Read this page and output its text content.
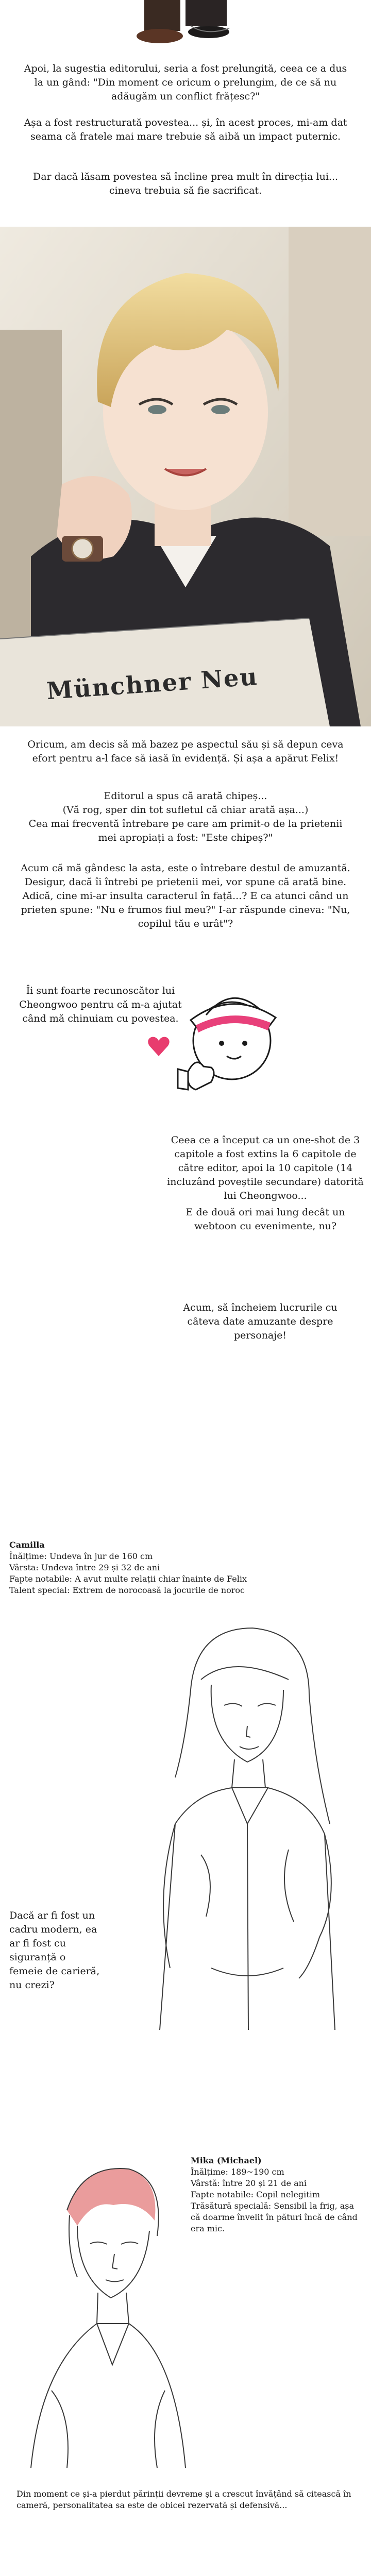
Apoi, la sugestia editorului, seria a fost prelungită, ceea ce a dus la un gând: "Din moment ce oricum o prelungim, de ce să nu adăugăm un conflict frățesc?"

Așa a fost restructurată povestea... și, în acest proces, mi-am dat seama că fratele mai mare trebuie să aibă un impact puternic.

Dar dacă lăsam povestea să încline prea mult în direcția lui... cineva trebuia să fie sacrificat.

Münchner Neu

Oricum, am decis să mă bazez pe aspectul său și să depun ceva efort pentru a-l face să iasă în evidență. Și așa a apărut Felix!

Editorul a spus că arată chipeș...

(Vă rog, sper din tot sufletul că chiar arată așa...)

Cea mai frecventă întrebare pe care am primit-o de la prietenii mei apropiați a fost: "Este chipeș?"

Acum că mă gândesc la asta, este o întrebare destul de amuzantă. Desigur, dacă îi întrebi pe prietenii mei, vor spune că arată bine. Adică, cine mi-ar insulta caracterul în față...? E ca atunci când un prieten spune: "Nu e frumos fiul meu?" I-ar răspunde cineva: "Nu, copilul tău e urât"?

Îi sunt foarte recunoscător lui Cheongwoo pentru că m-a ajutat când mă chinuiam cu povestea.

Ceea ce a început ca un one-shot de 3 capitole a fost extins la 6 capitole de către editor, apoi la 10 capitole (14 incluzând poveștile secundare) datorită lui Cheongwoo...

E de două ori mai lung decât un webtoon cu evenimente, nu?

Acum, să încheiem lucrurile cu câteva date amuzante despre personaje!

Camilla

Înălțime: Undeva în jur de 160 cm

Vârsta: Undeva între 29 și 32 de ani

Fapte notabile: A avut multe relații chiar înainte de Felix

Talent special: Extrem de norocoasă la jocurile de noroc

Dacă ar fi fost un cadru modern, ea ar fi fost cu siguranță o femeie de carieră, nu crezi?

Mika (Michael)

Înălțime: 189~190 cm

Vârstă: între 20 și 21 de ani

Fapte notabile: Copil nelegitim

Trăsătură specială: Sensibil la frig, așa că doarme învelit în pături încă de când era mic.

Din moment ce și-a pierdut părinții devreme și a crescut învățând să citească în cameră, personalitatea sa este de obicei rezervată și defensivă...
